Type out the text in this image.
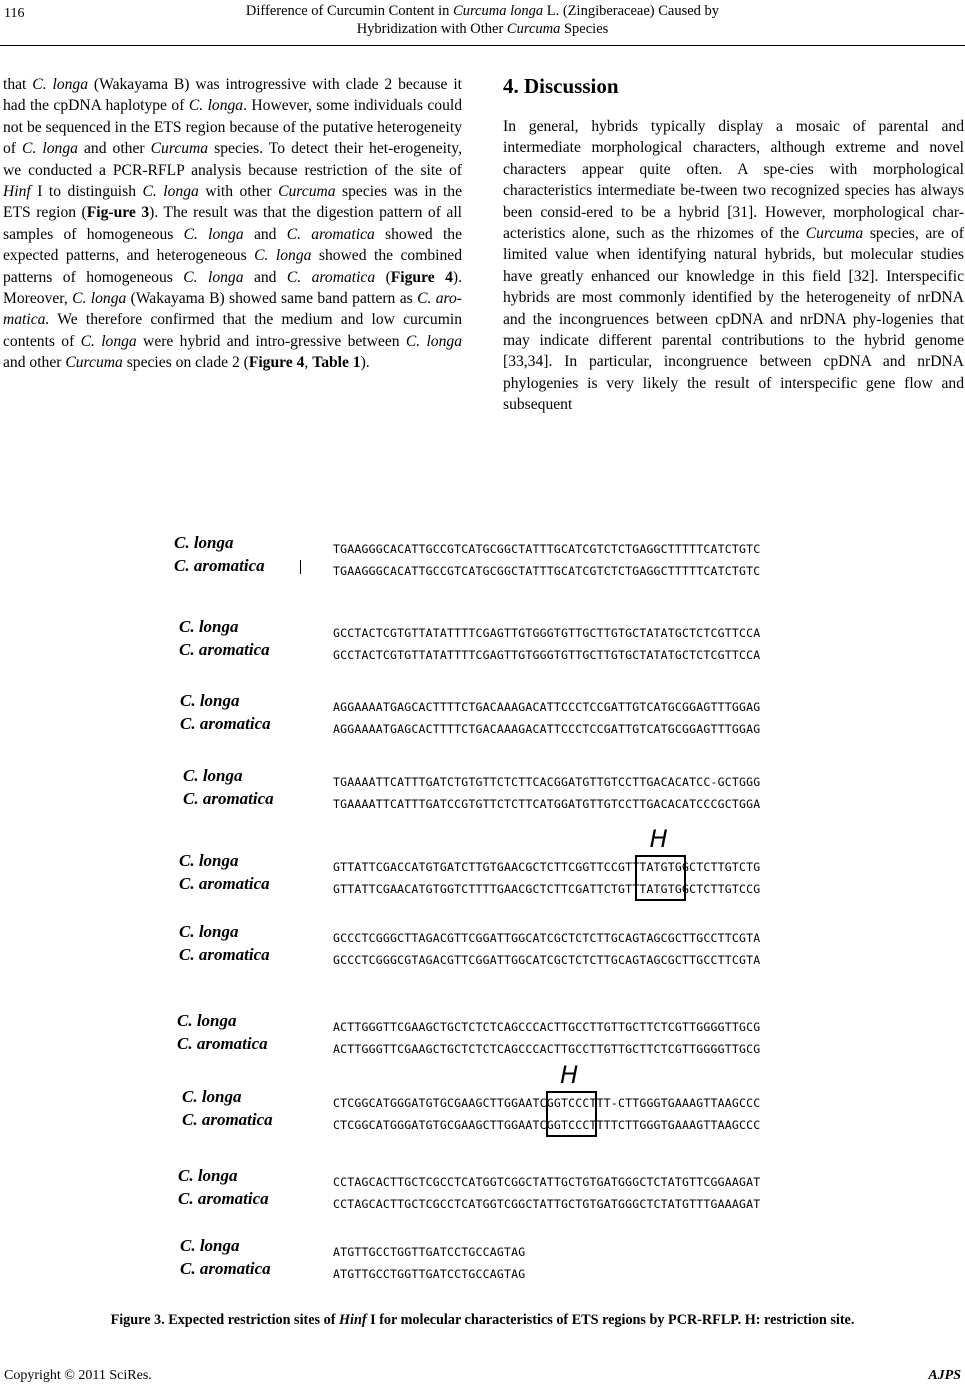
116	Difference of Curcumin Content in Curcuma longa L. (Zingiberaceae) Caused by
Hybridization with Other Curcuma Species

that C. longa (Wakayama B) was introgressive with clade 2 because it had the cpDNA haplotype of C. longa. However, some individuals could not be sequenced in the ETS region because of the putative heterogeneity of C. longa and other Curcuma species. To detect their het-erogeneity, we conducted a PCR-RFLP analysis because restriction of the site of Hinf I to distinguish C. longa with other Curcuma species was in the ETS region (Fig-ure 3). The result was that the digestion pattern of all samples of homogeneous C. longa and C. aromatica showed the expected patterns, and heterogeneous C. longa showed the combined patterns of homogeneous C. longa and C. aromatica (Figure 4). Moreover, C. longa (Wakayama B) showed same band pattern as C. aro-matica. We therefore confirmed that the medium and low curcumin contents of C. longa were hybrid and intro-gressive between C. longa and other Curcuma species on clade 2 (Figure 4, Table 1).

4. Discussion

In general, hybrids typically display a mosaic of parental and intermediate morphological characters, although extreme and novel characters appear quite often. A spe-cies with morphological characteristics intermediate be-tween two recognized species has always been consid-ered to be a hybrid [31]. However, morphological char-acteristics alone, such as the rhizomes of the Curcuma species, are of limited value when identifying natural hybrids, but molecular studies have greatly enhanced our knowledge in this field [32]. Interspecific hybrids are most commonly identified by the heterogeneity of nrDNA and the incongruences between cpDNA and nrDNA phy-logenies that may indicate different parental contributions to the hybrid genome [33,34]. In particular, incongruence between cpDNA and nrDNA phylogenies is very likely the result of interspecific gene flow and subsequent

C. longa
C. aromatica
TGAAGGGCACATTGCCGTCATGCGGCTATTTGCATCGTCTCTGAGGCTTTTTCATCTGTC
TGAAGGGCACATTGCCGTCATGCGGCTATTTGCATCGTCTCTGAGGCTTTTTCATCTGTC
C. longa
C. aromatica
GCCTACTCGTGTTATATTTTCGAGTTGTGGGTGTTGCTTGTGCTATATGCTCTCGTTCCA
GCCTACTCGTGTTATATTTTCGAGTTGTGGGTGTTGCTTGTGCTATATGCTCTCGTTCCA
C. longa
C. aromatica
AGGAAAATGAGCACTTTTCTGACAAAGACATTCCCTCCGATTGTCATGCGGAGTTTGGAG
AGGAAAATGAGCACTTTTCTGACAAAGACATTCCCTCCGATTGTCATGCGGAGTTTGGAG
C. longa
C. aromatica
TGAAAATTCATTTGATCTGTGTTCTCTTCACGGATGTTGTCCTTGACACATCC-GCTGGG
TGAAAATTCATTTGATCCGTGTTCTCTTCATGGATGTTGTCCTTGACACATCCCGCTGGA
C. longa
C. aromatica
GTTATTCGACCATGTGATCTTGTGAACGCTCTTCGGTTCCGTTTATGTGGCTCTTGTCTG
GTTATTCGAACATGTGGTCTTTTGAACGCTCTTCGATTCTGTTTATGTGGCTCTTGTCCG
C. longa
C. aromatica
GCCCTCGGGCTTAGACGTTCGGATTGGCATCGCTCTCTTGCAGTAGCGCTTGCCTTCGTA
GCCCTCGGGCGTAGACGTTCGGATTGGCATCGCTCTCTTGCAGTAGCGCTTGCCTTCGTA
C. longa
C. aromatica
ACTTGGGTTCGAAGCTGCTCTCTCAGCCCACTTGCCTTGTTGCTTCTCGTTGGGGTTGCG
ACTTGGGTTCGAAGCTGCTCTCTCAGCCCACTTGCCTTGTTGCTTCTCGTTGGGGTTGCG
C. longa
C. aromatica
CTCGGCATGGGATGTGCGAAGCTTGGAATCGGTCCCTTT-CTTGGGTGAAAGTTAAGCCC
CTCGGCATGGGATGTGCGAAGCTTGGAATCGGTCCCTTTTCTTGGGTGAAAGTTAAGCCC
C. longa
C. aromatica
CCTAGCACTTGCTCGCCTCATGGTCGGCTATTGCTGTGATGGGCTCTATGTTCGGAAGAT
CCTAGCACTTGCTCGCCTCATGGTCGGCTATTGCTGTGATGGGCTCTATGTTTGAAAGAT
C. longa
C. aromatica
ATGTTGCCTGGTTGATCCTGCCAGTAG
ATGTTGCCTGGTTGATCCTGCCAGTAG
H
H
Figure 3. Expected restriction sites of Hinf I for molecular characteristics of ETS regions by PCR-RFLP. H: restriction site.
Copyright © 2011 SciRes.	AJPS
